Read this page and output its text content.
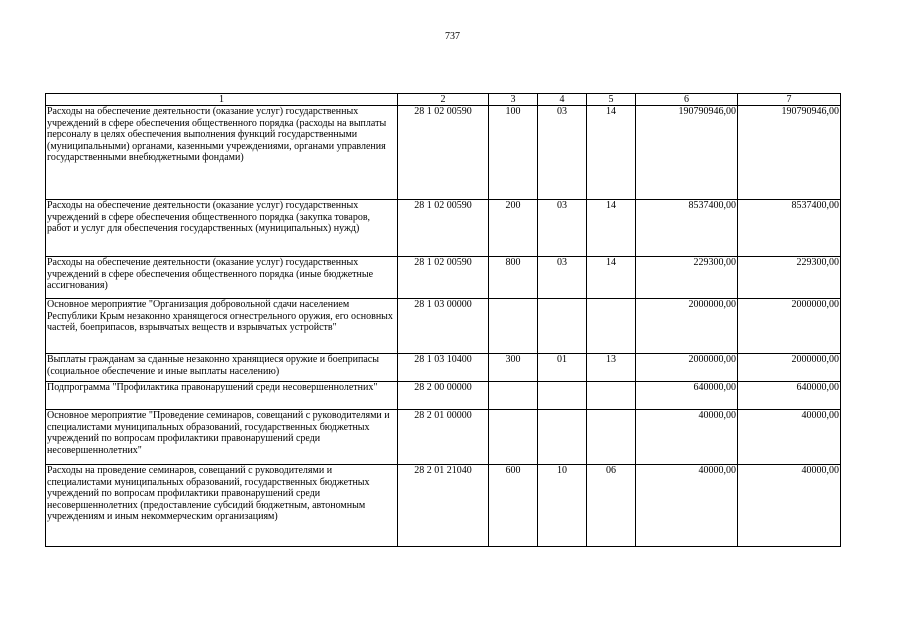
737
1	2	3	4	5	6	7
Расходы на обеспечение деятельности (оказание услуг) государственных учреждений в сфере обеспечения общественного порядка (расходы на выплаты персоналу в целях обеспечения выполнения функций государственными (муниципальными) органами, казенными учреждениями, органами управления государственными внебюджетными фондами)	28 1 02 00590	100	03	14	190790946,00	190790946,00
Расходы на обеспечение деятельности (оказание услуг) государственных учреждений в сфере обеспечения общественного порядка (закупка товаров, работ и услуг для обеспечения государственных (муниципальных) нужд)	28 1 02 00590	200	03	14	8537400,00	8537400,00
Расходы на обеспечение деятельности (оказание услуг) государственных учреждений в сфере обеспечения общественного порядка (иные бюджетные ассигнования)	28 1 02 00590	800	03	14	229300,00	229300,00
Основное мероприятие "Организация добровольной сдачи населением Республики Крым незаконно хранящегося огнестрельного оружия, его основных частей, боеприпасов, взрывчатых веществ и взрывчатых устройств"	28 1 03 00000				2000000,00	2000000,00
Выплаты гражданам за сданные незаконно хранящиеся оружие и боеприпасы (социальное обеспечение и иные выплаты населению)	28 1 03 10400	300	01	13	2000000,00	2000000,00
Подпрограмма "Профилактика правонарушений среди несовершеннолетних"	28 2 00 00000				640000,00	640000,00
Основное мероприятие "Проведение семинаров, совещаний с руководителями и специалистами муниципальных образований, государственных бюджетных учреждений по вопросам профилактики правонарушений среди несовершеннолетних"	28 2 01 00000				40000,00	40000,00
Расходы на проведение семинаров, совещаний с руководителями и специалистами муниципальных образований, государственных бюджетных учреждений по вопросам профилактики правонарушений среди несовершеннолетних (предоставление субсидий бюджетным, автономным учреждениям и иным некоммерческим организациям)	28 2 01 21040	600	10	06	40000,00	40000,00
